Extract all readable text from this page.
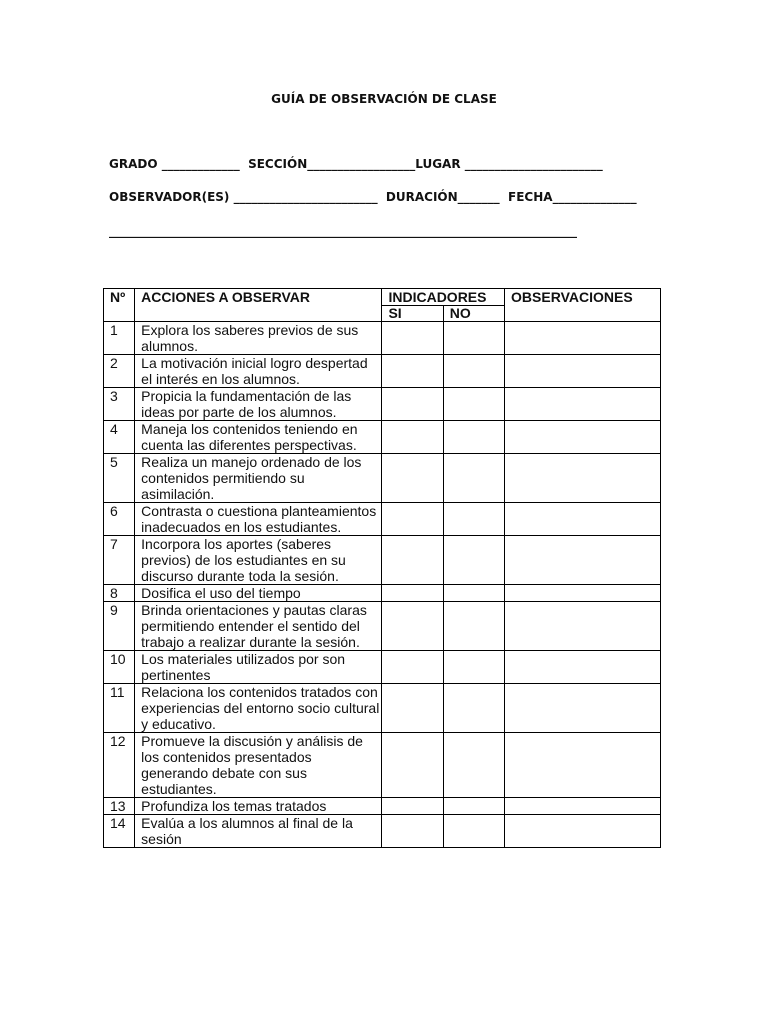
GUÍA DE OBSERVACIÓN DE CLASE
GRADO _____________  SECCIÓN__________________LUGAR _______________________
OBSERVADOR(ES) ________________________  DURACIÓN_______  FECHA______________
______________________________________________________________________________
Nº	ACCIONES A OBSERVAR	INDICADORES		OBSERVACIONES
		SI	NO	
1	Explora los saberes previos de sus alumnos.			
2	La motivación inicial logro despertad el interés en los alumnos.			
3	Propicia la fundamentación de las ideas por parte de los alumnos.			
4	Maneja los contenidos teniendo en cuenta las diferentes perspectivas.			
5	Realiza un manejo ordenado de los contenidos permitiendo su asimilación.			
6	Contrasta o cuestiona planteamientos inadecuados en los estudiantes.			
7	Incorpora los aportes (saberes previos) de los estudiantes en su discurso durante toda la sesión.			
8	Dosifica el uso del tiempo			
9	Brinda orientaciones y pautas claras permitiendo entender el sentido del trabajo a realizar durante la sesión.			
10	Los materiales utilizados por son pertinentes			
11	Relaciona los contenidos tratados con experiencias del entorno socio cultural y educativo.			
12	Promueve la discusión y análisis de los contenidos presentados generando debate con sus estudiantes.			
13	Profundiza los temas tratados			
14	Evalúa a los alumnos al final de la sesión			
